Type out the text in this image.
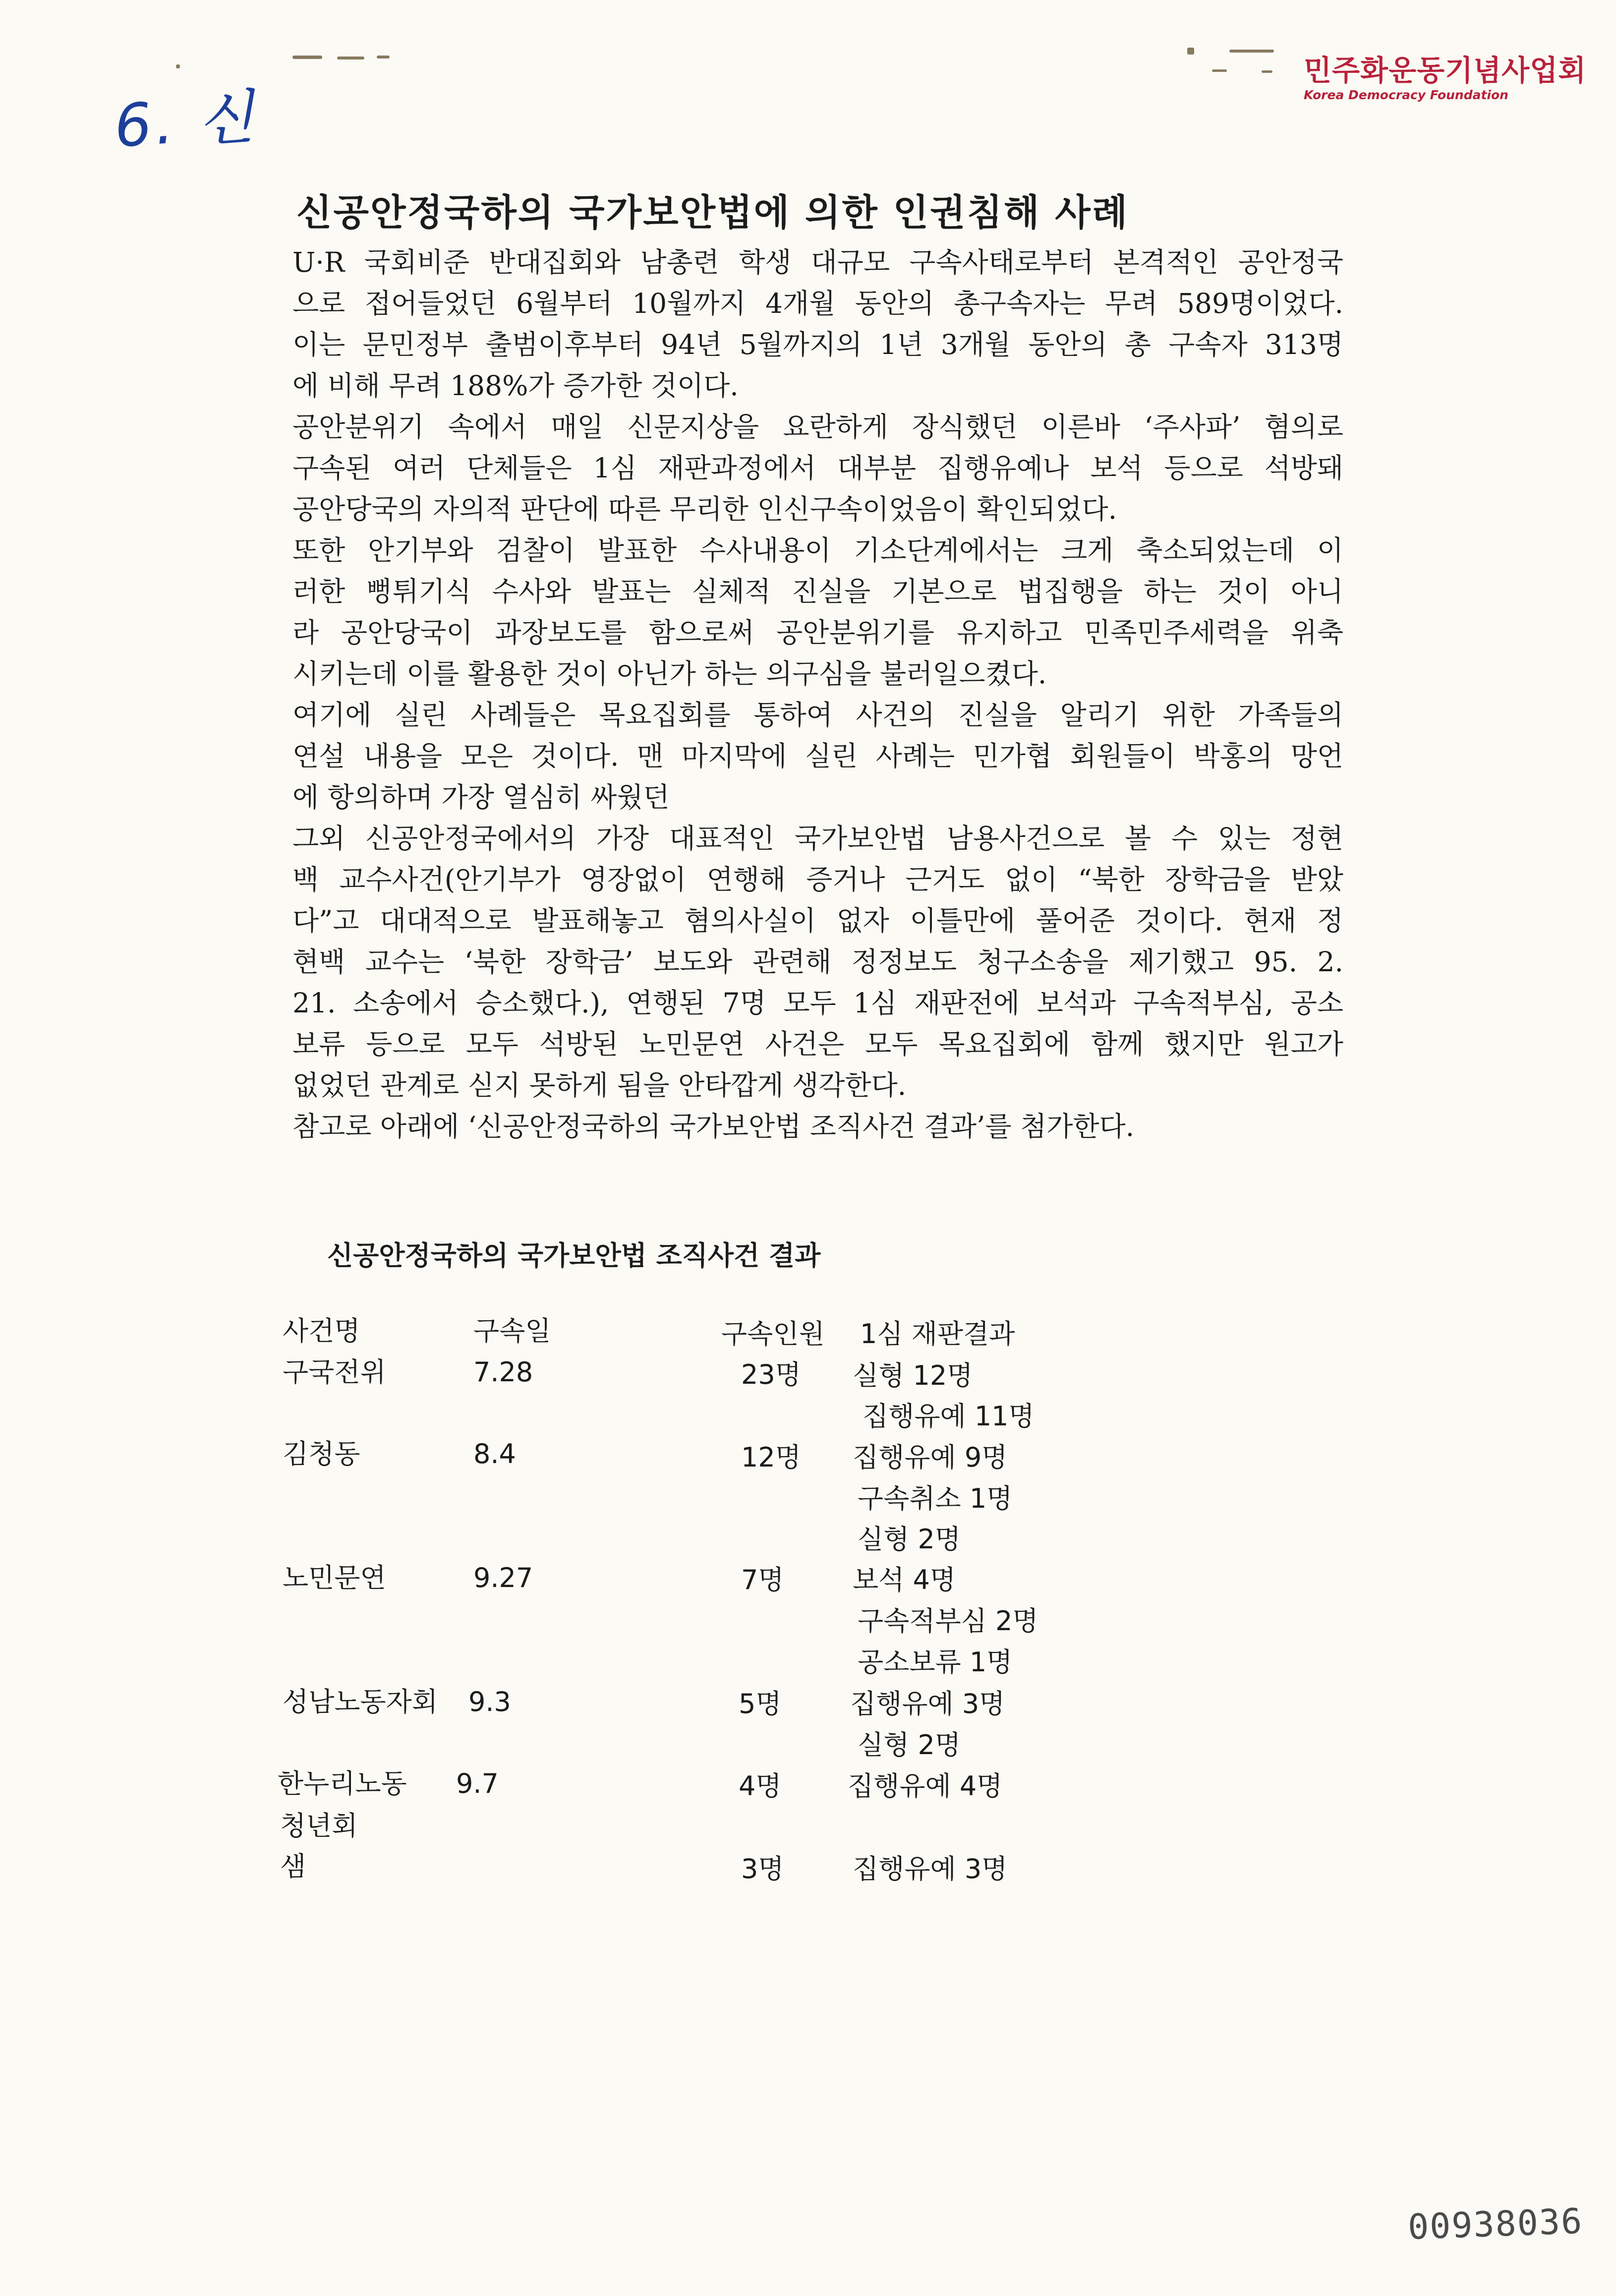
6. 신
민주화운동기념사업회
Korea Democracy Foundation
신공안정국하의 국가보안법에 의한 인권침해 사례
U·R 국회비준 반대집회와 남총련 학생 대규모 구속사태로부터 본격적인 공안정국
으로 접어들었던 6월부터 10월까지 4개월 동안의 총구속자는 무려 589명이었다.
이는 문민정부 출범이후부터 94년 5월까지의 1년 3개월 동안의 총 구속자 313명
에 비해 무려 188%가 증가한 것이다.
공안분위기 속에서 매일 신문지상을 요란하게 장식했던 이른바 ‘주사파’ 혐의로
구속된 여러 단체들은 1심 재판과정에서 대부분 집행유예나 보석 등으로 석방돼
공안당국의 자의적 판단에 따른 무리한 인신구속이었음이 확인되었다.
또한 안기부와 검찰이 발표한 수사내용이 기소단계에서는 크게 축소되었는데 이
러한 뻥튀기식 수사와 발표는 실체적 진실을 기본으로 법집행을 하는 것이 아니
라 공안당국이 과장보도를 함으로써 공안분위기를 유지하고 민족민주세력을 위축
시키는데 이를 활용한 것이 아닌가 하는 의구심을 불러일으켰다.
여기에 실린 사례들은 목요집회를 통하여 사건의 진실을 알리기 위한 가족들의
연설 내용을 모은 것이다. 맨 마지막에 실린 사례는 민가협 회원들이 박홍의 망언
에 항의하며 가장 열심히 싸웠던
그외 신공안정국에서의 가장 대표적인 국가보안법 남용사건으로 볼 수 있는 정현
백 교수사건(안기부가 영장없이 연행해 증거나 근거도 없이 “북한 장학금을 받았
다”고 대대적으로 발표해놓고 혐의사실이 없자 이틀만에 풀어준 것이다. 현재 정
현백 교수는 ‘북한 장학금’ 보도와 관련해 정정보도 청구소송을 제기했고 95. 2.
21. 소송에서 승소했다.), 연행된 7명 모두 1심 재판전에 보석과 구속적부심, 공소
보류 등으로 모두 석방된 노민문연 사건은 모두 목요집회에 함께 했지만 원고가
없었던 관계로 싣지 못하게 됨을 안타깝게 생각한다.
참고로 아래에 ‘신공안정국하의 국가보안법 조직사건 결과’를 첨가한다.
신공안정국하의 국가보안법 조직사건 결과
사건명	구속일	구속인원 1심 재판결과
구국전위	7.28	23명 실형 12명
집행유예 11명
김청동	8.4	12명 집행유예 9명
구속취소 1명
실형 2명
노민문연	9.27	7명	보석 4명
구속적부심 2명
공소보류 1명
성남노동자회 9.3	5명	집행유예 3명
실형 2명
한누리노동 9.7	4명 집행유예 4명
청년회
샘	3명	집행유예 3명
00938036
